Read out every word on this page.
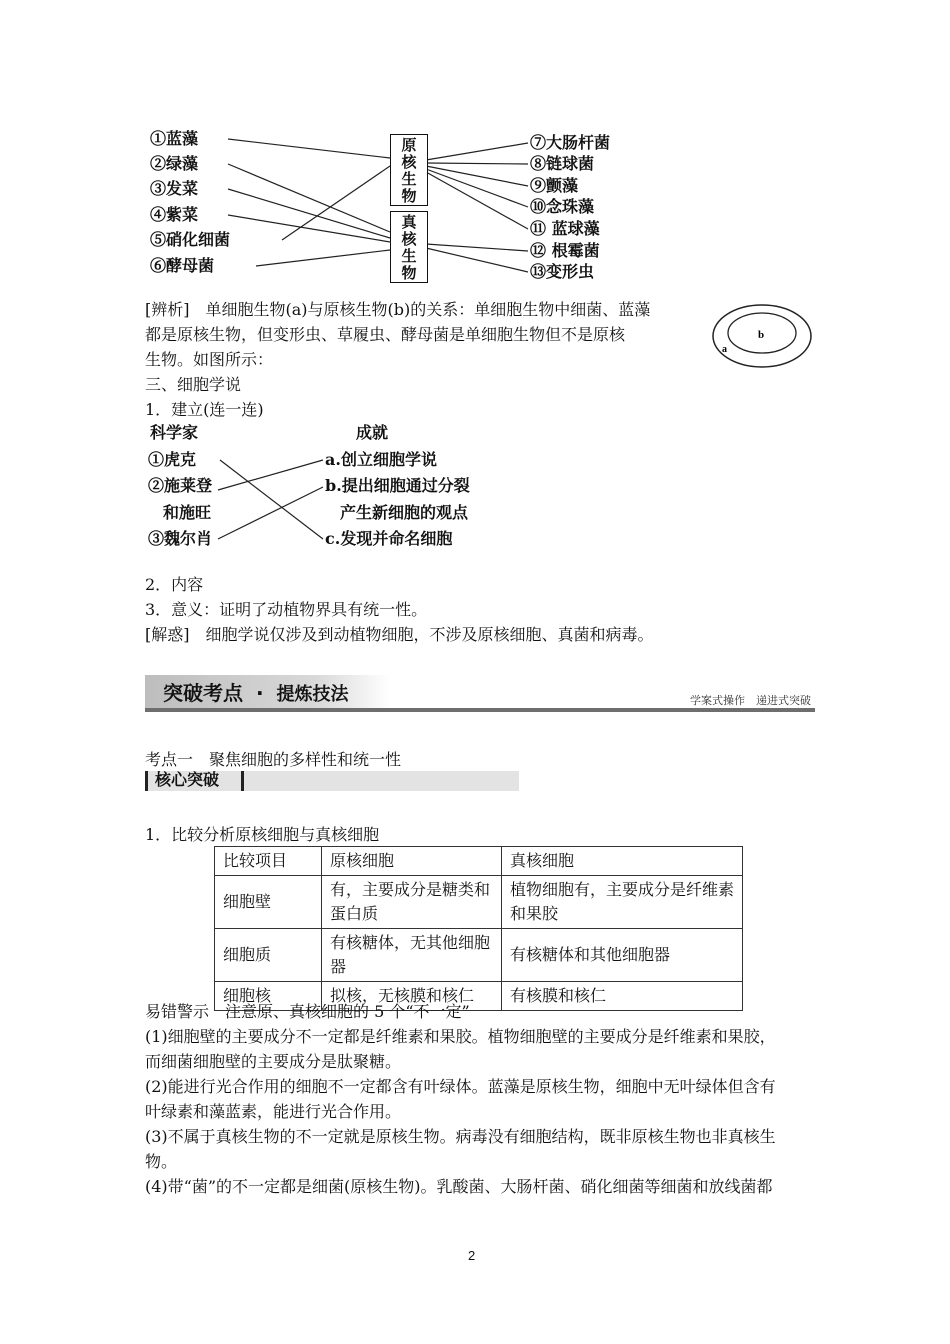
①蓝藻
②绿藻
③发菜
④紫菜
⑤硝化细菌
⑥酵母菌
原
核
生
物
真
核
生
物
⑦大肠杆菌
⑧链球菌
⑨颤藻
⑩念珠藻
⑪ 蓝球藻
⑫ 根霉菌
⑬变形虫
[辨析]　单细胞生物(a)与原核生物(b)的关系：单细胞生物中细菌、蓝藻
都是原核生物，但变形虫、草履虫、酵母菌是单细胞生物但不是原核
生物。如图所示：
b
a
三、细胞学说
1．建立(连一连)
科学家	成就
①虎克
②施莱登
和施旺
③魏尔肖
a.创立细胞学说
b.提出细胞通过分裂
产生新细胞的观点
c.发现并命名细胞
2．内容
3．意义：证明了动植物界具有统一性。
[解惑]　细胞学说仅涉及到动植物细胞，不涉及原核细胞、真菌和病毒。
突破考点 · 提炼技法	学案式操作　递进式突破
考点一　聚焦细胞的多样性和统一性
核心突破
1．比较分析原核细胞与真核细胞
比较项目	原核细胞	真核细胞
细胞壁	有，主要成分是糖类和蛋白质	植物细胞有，主要成分是纤维素和果胶
细胞质	有核糖体，无其他细胞器	有核糖体和其他细胞器
细胞核	拟核，无核膜和核仁	有核膜和核仁
易错警示　注意原、真核细胞的 5 个“不一定”
(1)细胞壁的主要成分不一定都是纤维素和果胶。植物细胞壁的主要成分是纤维素和果胶，
而细菌细胞壁的主要成分是肽聚糖。
(2)能进行光合作用的细胞不一定都含有叶绿体。蓝藻是原核生物，细胞中无叶绿体但含有
叶绿素和藻蓝素，能进行光合作用。
(3)不属于真核生物的不一定就是原核生物。病毒没有细胞结构，既非原核生物也非真核生
物。
(4)带“菌”的不一定都是细菌(原核生物)。乳酸菌、大肠杆菌、硝化细菌等细菌和放线菌都
2
